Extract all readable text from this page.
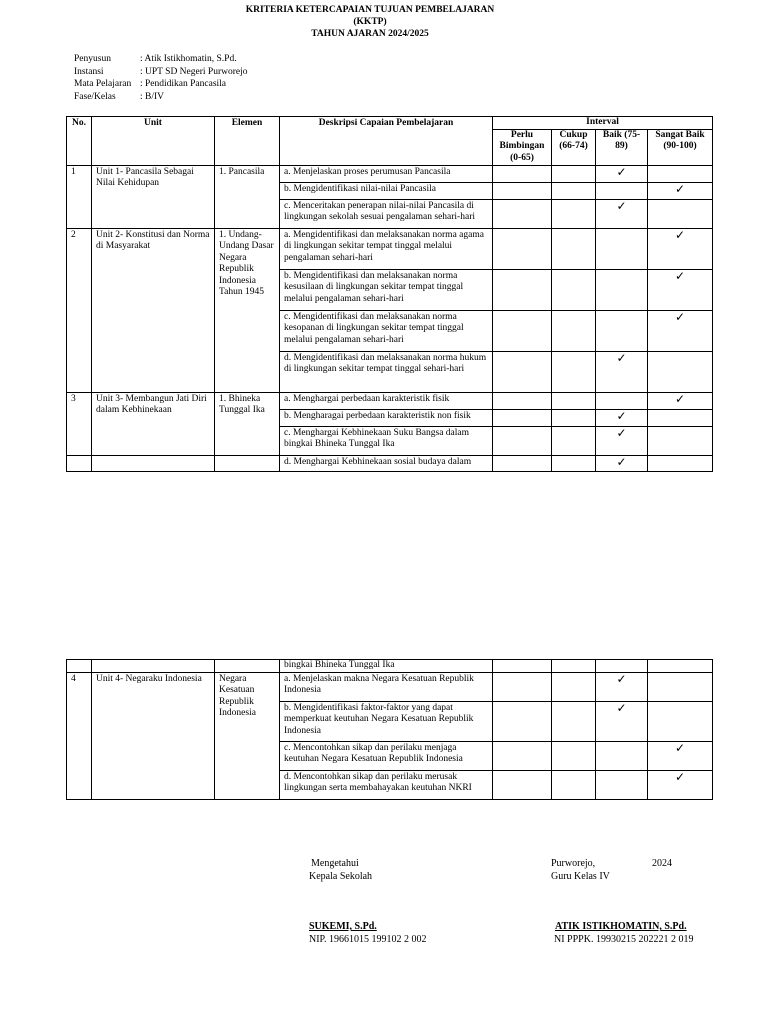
KRITERIA KETERCAPAIAN TUJUAN PEMBELAJARAN
(KKTP)
TAHUN AJARAN 2024/2025
Penyusun	: Atik Istikhomatin, S.Pd.
Instansi	: UPT SD Negeri Purworejo
Mata Pelajaran : Pendidikan Pancasila
Fase/Kelas	: B/IV
No.	Unit	Elemen	Deskripsi Capaian Pembelajaran	Interval			
				Perlu Bimbingan (0-65)	Cukup (66-74)	Baik (75-89)	Sangat Baik (90-100)
1	Unit 1- Pancasila Sebagai Nilai Kehidupan	1. Pancasila	a. Menjelaskan proses perumusan Pancasila			✓	
			b. Mengidentifikasi nilai-nilai Pancasila				✓
			c. Menceritakan penerapan nilai-nilai Pancasila di lingkungan sekolah sesuai pengalaman sehari-hari			✓	
2	Unit 2- Konstitusi dan Norma di Masyarakat	1. Undang-Undang Dasar Negara Republik Indonesia Tahun 1945	a. Mengidentifikasi dan melaksanakan norma agama di lingkungan sekitar tempat tinggal melalui pengalaman sehari-hari				✓
			b. Mengidentifikasi dan melaksanakan norma kesusilaan di lingkungan sekitar tempat tinggal melalui pengalaman sehari-hari				✓
			c. Mengidentifikasi dan melaksanakan norma kesopanan di lingkungan sekitar tempat tinggal melalui pengalaman sehari-hari				✓
			d. Mengidentifikasi dan melaksanakan norma hukum di lingkungan sekitar tempat tinggal sehari-hari			✓	
3	Unit 3- Membangun Jati Diri dalam Kebhinekaan	1. Bhineka Tunggal Ika	a. Menghargai perbedaan karakteristik fisik				✓
			b. Mengharagai perbedaan karakteristik non fisik			✓	
			c. Menghargai Kebhinekaan Suku Bangsa dalam bingkai Bhineka Tunggal Ika			✓	
			d. Menghargai Kebhinekaan sosial budaya dalam			✓	
			bingkai Bhineka Tunggal Ika				
4	Unit 4- Negaraku Indonesia	Negara Kesatuan Republik Indonesia	a. Menjelaskan makna Negara Kesatuan Republik Indonesia			✓	
			b. Mengidentifikasi faktor-faktor yang dapat memperkuat keutuhan Negara Kesatuan Republik Indonesia			✓	
			c. Mencontohkan sikap dan perilaku menjaga keutuhan Negara Kesatuan Republik Indonesia				✓
			d. Mencontohkan sikap dan perilaku merusak lingkungan serta membahayakan keutuhan NKRI				✓
Mengetahui
Kepala Sekolah
SUKEMI, S.Pd.
NIP. 19661015 199102 2 002
Purworejo,	2024
Guru Kelas IV
ATIK ISTIKHOMATIN, S.Pd.
NI PPPK. 19930215 202221 2 019
